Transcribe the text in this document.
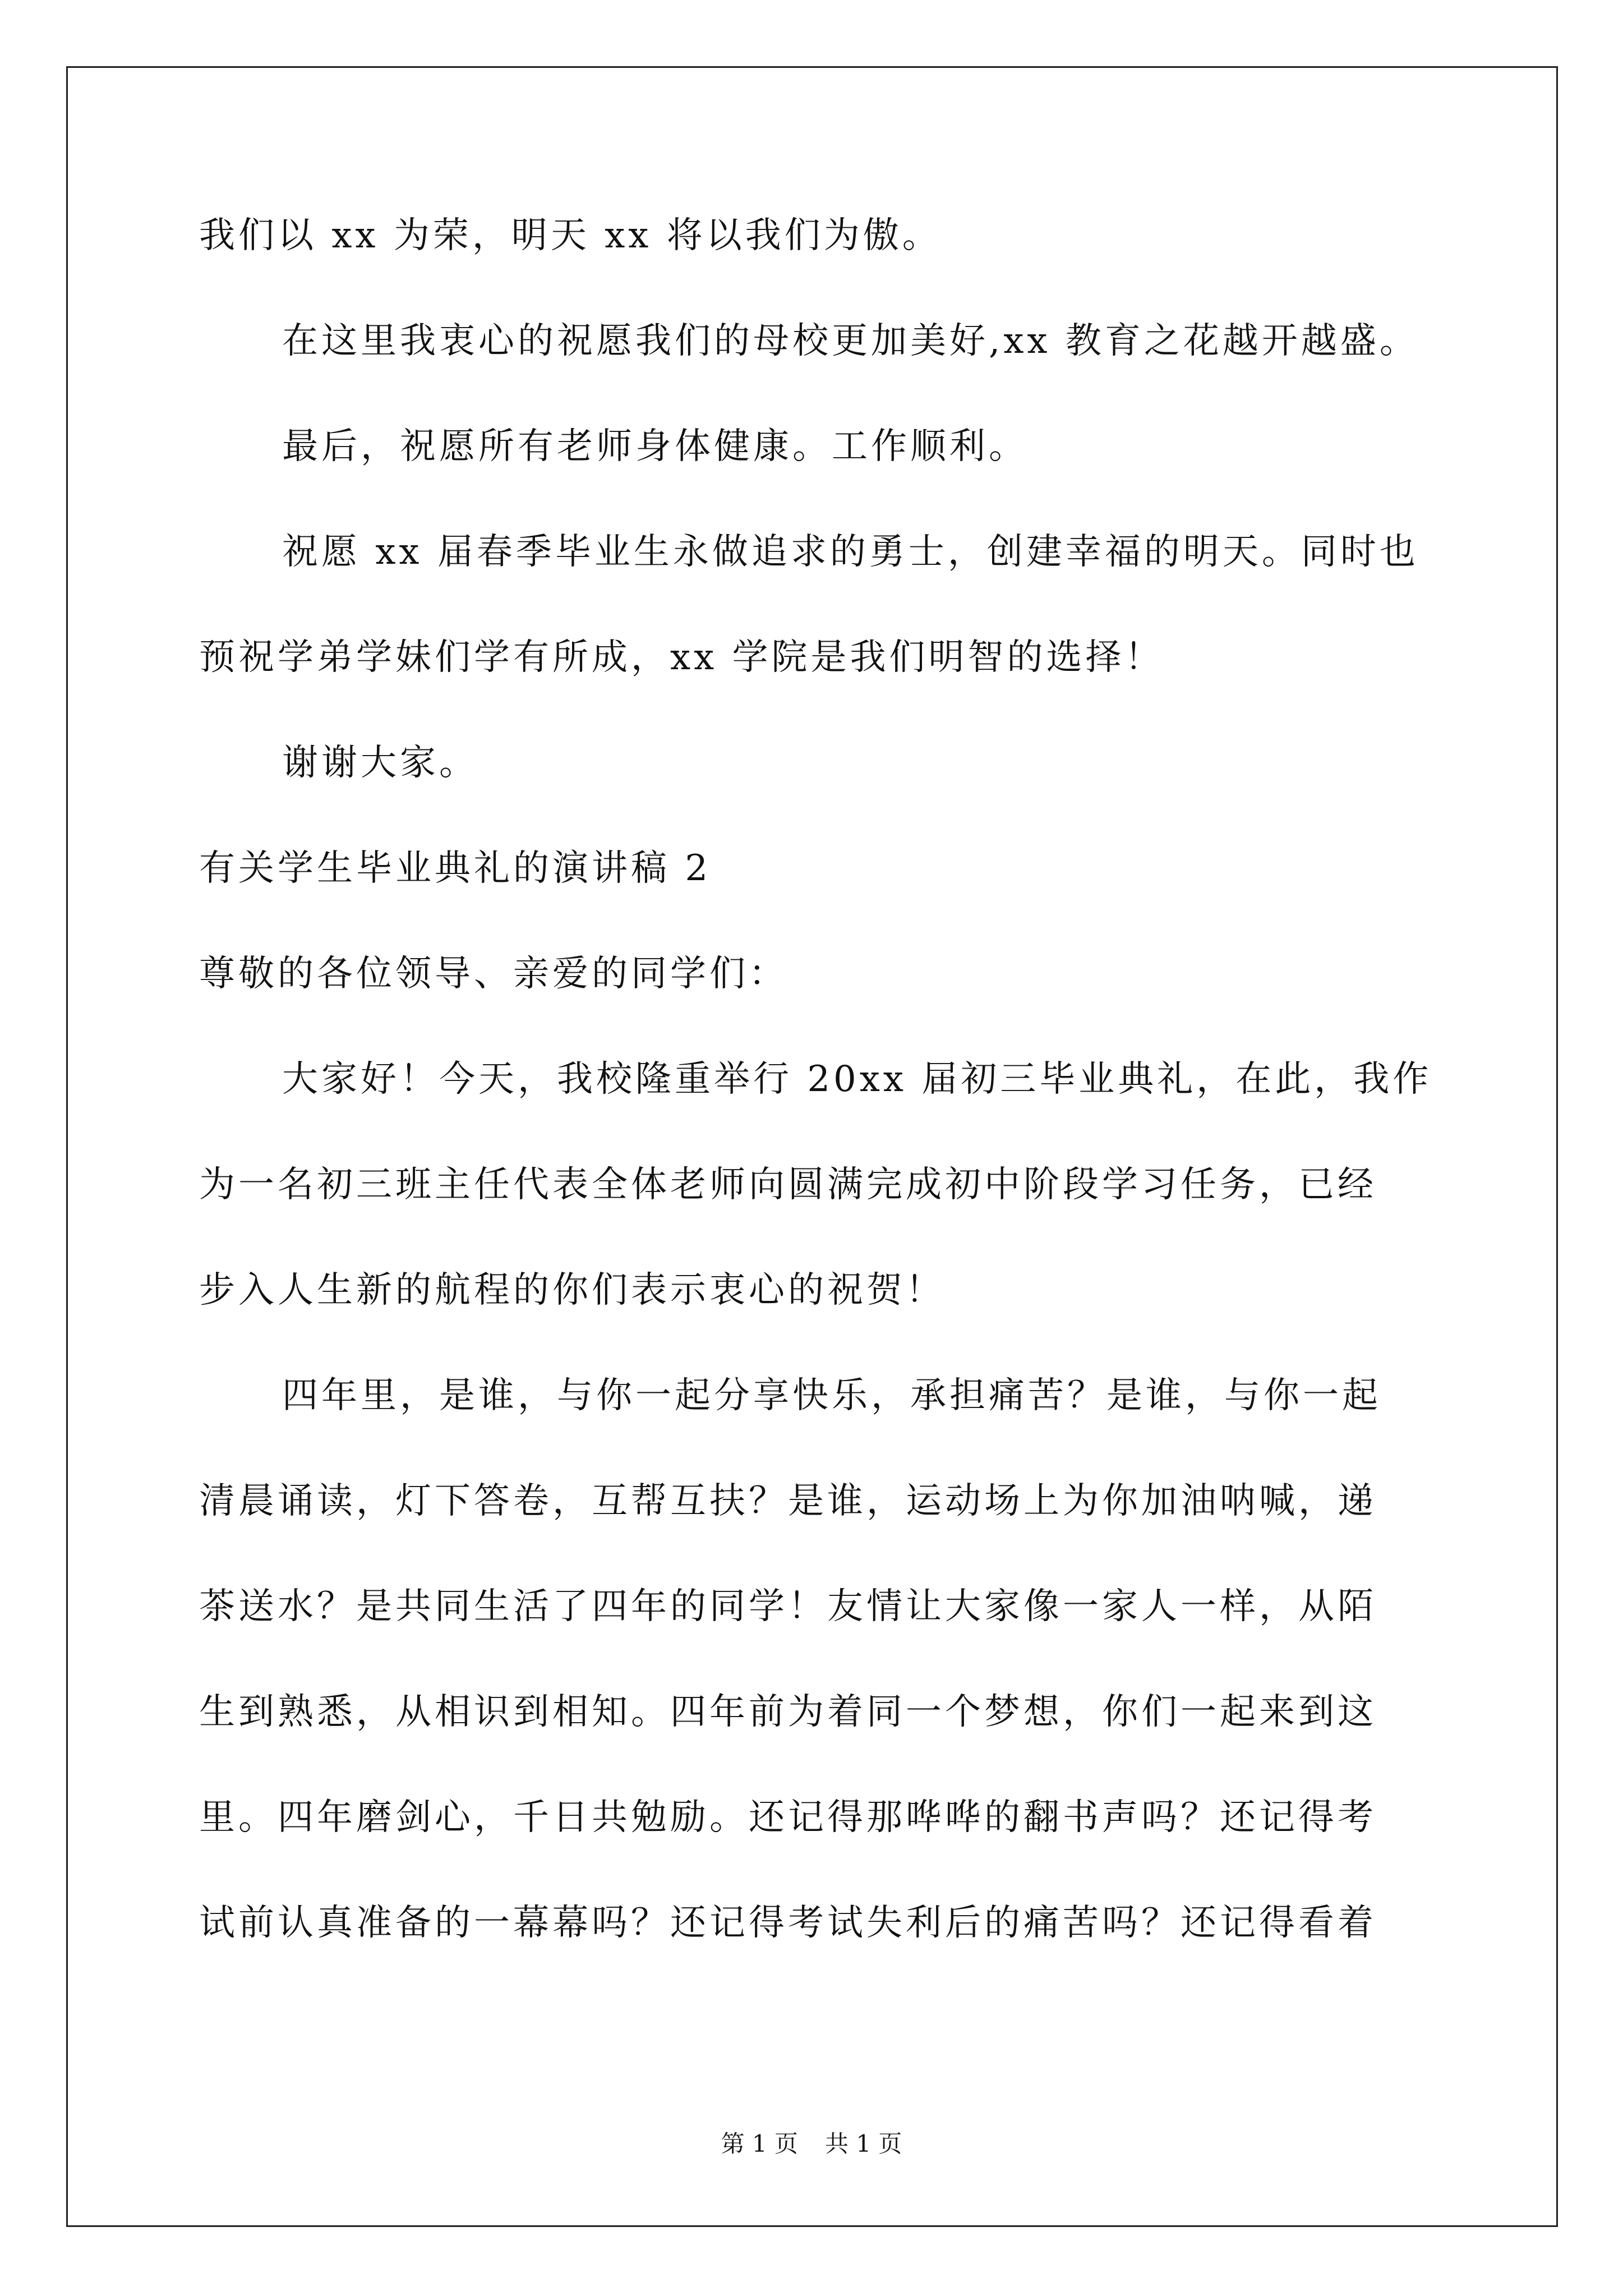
我们以 xx 为荣，明天 xx 将以我们为傲。
在这里我衷心的祝愿我们的母校更加美好,xx 教育之花越开越盛。
最后，祝愿所有老师身体健康。工作顺利。
祝愿 xx 届春季毕业生永做追求的勇士，创建幸福的明天。同时也
预祝学弟学妹们学有所成，xx 学院是我们明智的选择！
谢谢大家。
有关学生毕业典礼的演讲稿 2
尊敬的各位领导、亲爱的同学们：
大家好！今天，我校隆重举行 20xx 届初三毕业典礼，在此，我作
为一名初三班主任代表全体老师向圆满完成初中阶段学习任务，已经
步入人生新的航程的你们表示衷心的祝贺！
四年里，是谁，与你一起分享快乐，承担痛苦？是谁，与你一起
清晨诵读，灯下答卷，互帮互扶？是谁，运动场上为你加油呐喊，递
茶送水？是共同生活了四年的同学！友情让大家像一家人一样，从陌
生到熟悉，从相识到相知。四年前为着同一个梦想，你们一起来到这
里。四年磨剑心，千日共勉励。还记得那哗哗的翻书声吗？还记得考
试前认真准备的一幕幕吗？还记得考试失利后的痛苦吗？还记得看着
第 1 页 共 1 页
